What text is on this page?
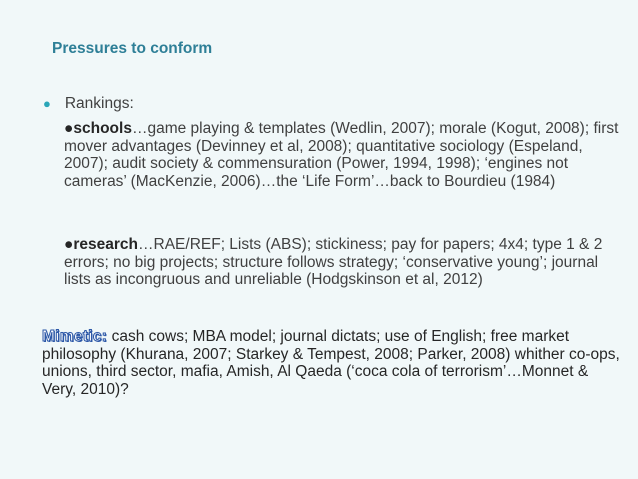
Pressures to conform
● Rankings:
●schools…game playing & templates (Wedlin, 2007); morale (Kogut, 2008); first mover advantages (Devinney et al, 2008); quantitative sociology (Espeland, 2007); audit society & commensuration (Power, 1994, 1998); ‘engines not cameras’ (MacKenzie, 2006)…the ‘Life Form’…back to Bourdieu (1984)
●research…RAE/REF; Lists (ABS); stickiness; pay for papers; 4x4; type 1 & 2 errors; no big projects; structure follows strategy; ‘conservative young’; journal lists as incongruous and unreliable (Hodgskinson et al, 2012)
Mimetic: cash cows; MBA model; journal dictats; use of English; free market philosophy (Khurana, 2007; Starkey & Tempest, 2008; Parker, 2008) whither co-ops, unions, third sector, mafia, Amish, Al Qaeda (‘coca cola of terrorism’…Monnet & Very, 2010)?
